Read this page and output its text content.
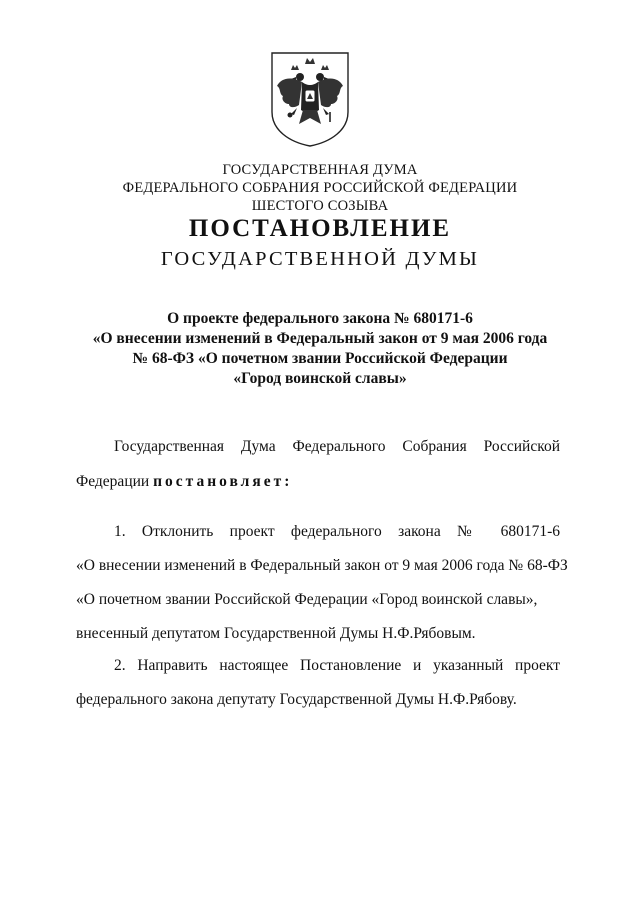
ГОСУДАРСТВЕННАЯ ДУМА
ФЕДЕРАЛЬНОГО СОБРАНИЯ РОССИЙСКОЙ ФЕДЕРАЦИИ
ШЕСТОГО СОЗЫВА
ПОСТАНОВЛЕНИЕ
ГОСУДАРСТВЕННОЙ ДУМЫ
О проекте федерального закона № 680171-6
«О внесении изменений в Федеральный закон от 9 мая 2006 года
№ 68-ФЗ «О почетном звании Российской Федерации
«Город воинской славы»
Государственная Дума Федерального Собрания Российской
Федерации постановляет:
1. Отклонить проект федерального закона № 680171-6
«О внесении изменений в Федеральный закон от 9 мая 2006 года № 68-ФЗ
«О почетном звании Российской Федерации «Город воинской славы»,
внесенный депутатом Государственной Думы Н.Ф.Рябовым.
2. Направить настоящее Постановление и указанный проект
федерального закона депутату Государственной Думы Н.Ф.Рябову.
